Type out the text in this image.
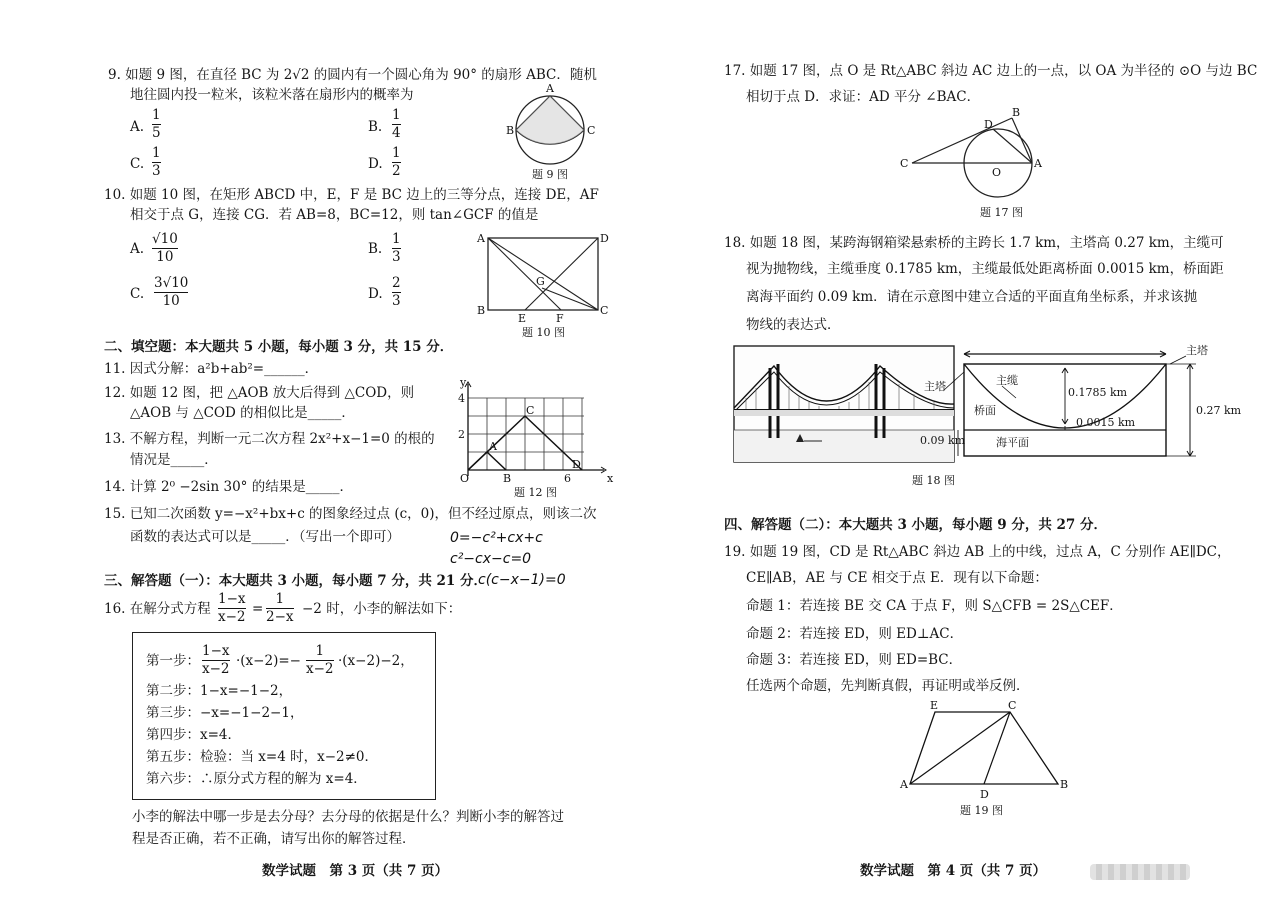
9. 如题 9 图，在直径 BC 为 2√2 的圆内有一个圆心角为 90° 的扇形 ABC．随机
地往圆内投一粒米，该粒米落在扇形内的概率为
A.
1
5	B.
1
4
C.
1
3	D.
1
2
A
B	C
题 9 图
10. 如题 10 图，在矩形 ABCD 中，E，F 是 BC 边上的三等分点，连接 DE，AF
相交于点 G，连接 CG．若 AB=8，BC=12，则 tan∠GCF 的值是
A.
√10
10	B.
1
3
C.
3√10
10	D.
2
3
A	D
B	C
E	F
G
题 10 图
二、填空题：本大题共 5 小题，每小题 3 分，共 15 分．
11. 因式分解：a²b+ab²=______．
12. 如题 12 图，把 △AOB 放大后得到 △COD，则
△AOB 与 △COD 的相似比是_____．
y
x
4
2
O
A
B
C
D
6
题 12 图
13. 不解方程，判断一元二次方程 2x²+x−1=0 的根的
情况是_____．
14. 计算 2⁰ −2sin 30° 的结果是_____．
15. 已知二次函数 y=−x²+bx+c 的图象经过点 (c，0)，但不经过原点，则该二次
函数的表达式可以是_____．（写出一个即可）	0=−c²+cx+c
c²−cx−c=0
c(c−x−1)=0
三、解答题（一）：本大题共 3 小题，每小题 7 分，共 21 分．
16. 在解分式方程
1−x
x−2 =
1
2−x −2 时，小李的解法如下：
第一步：
1−x
x−2 ·(x−2)=−
1
x−2 ·(x−2)−2，
第二步：1−x=−1−2，
第三步：−x=−1−2−1，
第四步：x=4．
第五步：检验：当 x=4 时，x−2≠0．
第六步：∴原分式方程的解为 x=4．
小李的解法中哪一步是去分母？去分母的依据是什么？判断小李的解答过
程是否正确，若不正确，请写出你的解答过程．
数学试题　第 3 页（共 7 页）
17. 如题 17 图，点 O 是 Rt△ABC 斜边 AC 边上的一点，以 OA 为半径的 ⊙O 与边 BC
相切于点 D．求证：AD 平分 ∠BAC．
C
D
B
O
A
题 17 图
18. 如题 18 图，某跨海钢箱梁悬索桥的主跨长 1.7 km，主塔高 0.27 km，主缆可
视为抛物线，主缆垂度 0.1785 km，主缆最低处距离桥面 0.0015 km，桥面距
离海平面约 0.09 km．请在示意图中建立合适的平面直角坐标系，并求该抛
物线的表达式．
题 18 图
0.1785 km
0.0015 km
0.27 km
0.09 km
主塔
主塔	主缆
桥面
海平面
四、解答题（二）：本大题共 3 小题，每小题 9 分，共 27 分．
19. 如题 19 图，CD 是 Rt△ABC 斜边 AB 上的中线，过点 A，C 分别作 AE∥DC，
CE∥AB，AE 与 CE 相交于点 E．现有以下命题：
命题 1：若连接 BE 交 CA 于点 F，则 S△CFB = 2S△CEF．
命题 2：若连接 ED，则 ED⊥AC．
命题 3：若连接 ED，则 ED=BC．
任选两个命题，先判断真假，再证明或举反例．
E	C
A
D
B
题 19 图
数学试题　第 4 页（共 7 页）
